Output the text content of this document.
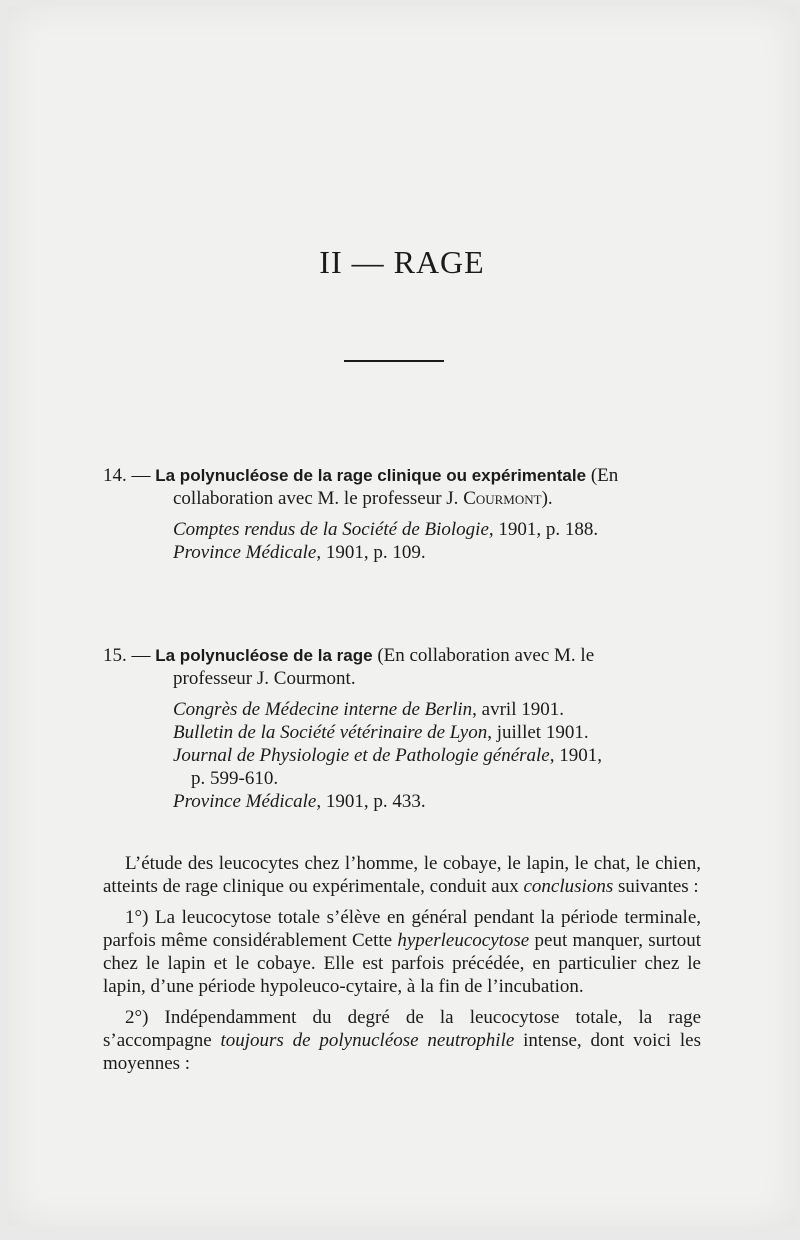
II — RAGE
14. — La polynucléose de la rage clinique ou expérimentale (En
collaboration avec M. le professeur J. Courmont).
Comptes rendus de la Société de Biologie, 1901, p. 188.
Province Médicale, 1901, p. 109.
15. — La polynucléose de la rage (En collaboration avec M. le
professeur J. Courmont.
Congrès de Médecine interne de Berlin, avril 1901.
Bulletin de la Société vétérinaire de Lyon, juillet 1901.
Journal de Physiologie et de Pathologie générale, 1901,
p. 599-610.
Province Médicale, 1901, p. 433.

L’étude des leucocytes chez l’homme, le cobaye, le lapin, le chat, le chien, atteints de rage clinique ou expérimentale, conduit aux conclusions suivantes :

1°) La leucocytose totale s’élève en général pendant la période terminale, parfois même considérablement Cette hyperleucocytose peut manquer, surtout chez le lapin et le cobaye. Elle est parfois précédée, en particulier chez le lapin, d’une période hypoleuco-cytaire, à la fin de l’incubation.

2°) Indépendamment du degré de la leucocytose totale, la rage s’accompagne toujours de polynucléose neutrophile intense, dont voici les moyennes :
